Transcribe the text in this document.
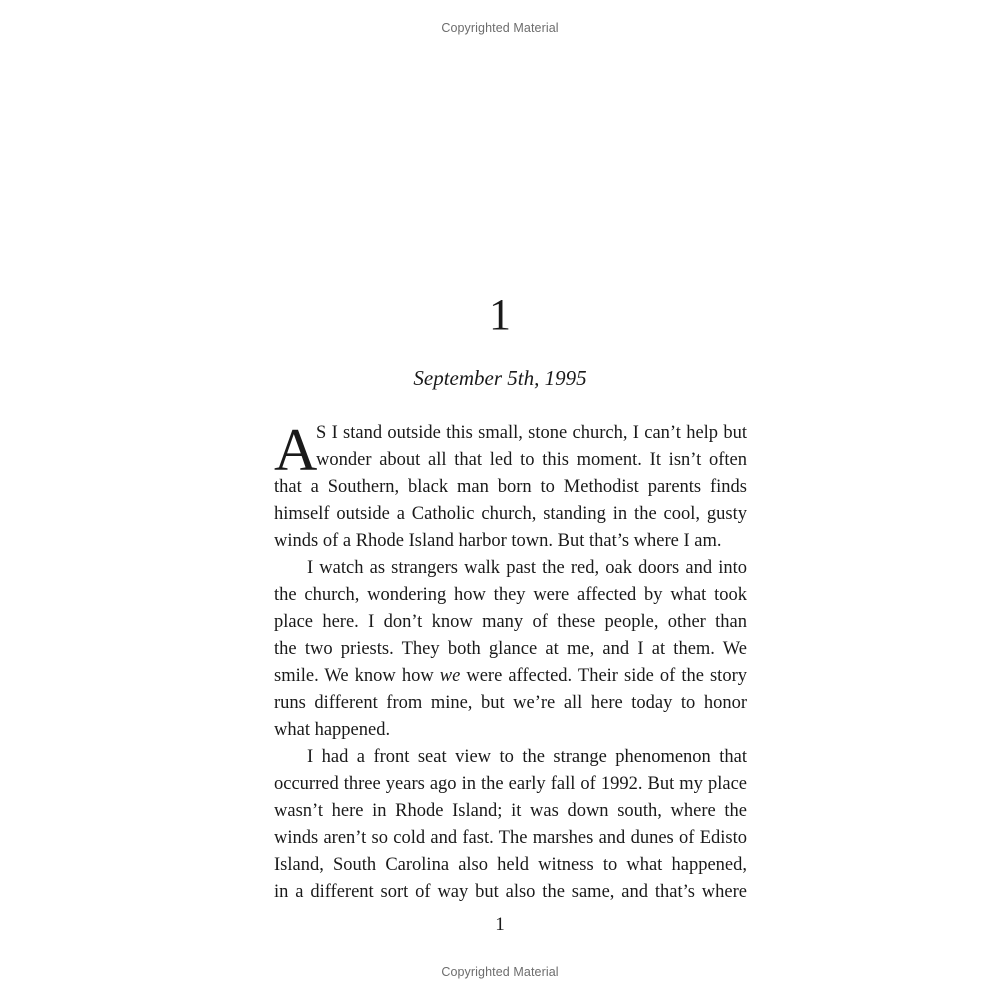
Copyrighted Material
1
September 5th, 1995
A
S I stand outside this small, stone church, I can’t help but
wonder about all that led to this moment. It isn’t often
that a Southern, black man born to Methodist parents finds
himself outside a Catholic church, standing in the cool, gusty
winds of a Rhode Island harbor town. But that’s where I am.
I watch as strangers walk past the red, oak doors and into
the church, wondering how they were affected by what took
place here. I don’t know many of these people, other than
the two priests. They both glance at me, and I at them. We
smile. We know how we were affected. Their side of the story
runs different from mine, but we’re all here today to honor
what happened.
I had a front seat view to the strange phenomenon that
occurred three years ago in the early fall of 1992. But my place
wasn’t here in Rhode Island; it was down south, where the
winds aren’t so cold and fast. The marshes and dunes of Edisto
Island, South Carolina also held witness to what happened,
in a different sort of way but also the same, and that’s where
1
Copyrighted Material
